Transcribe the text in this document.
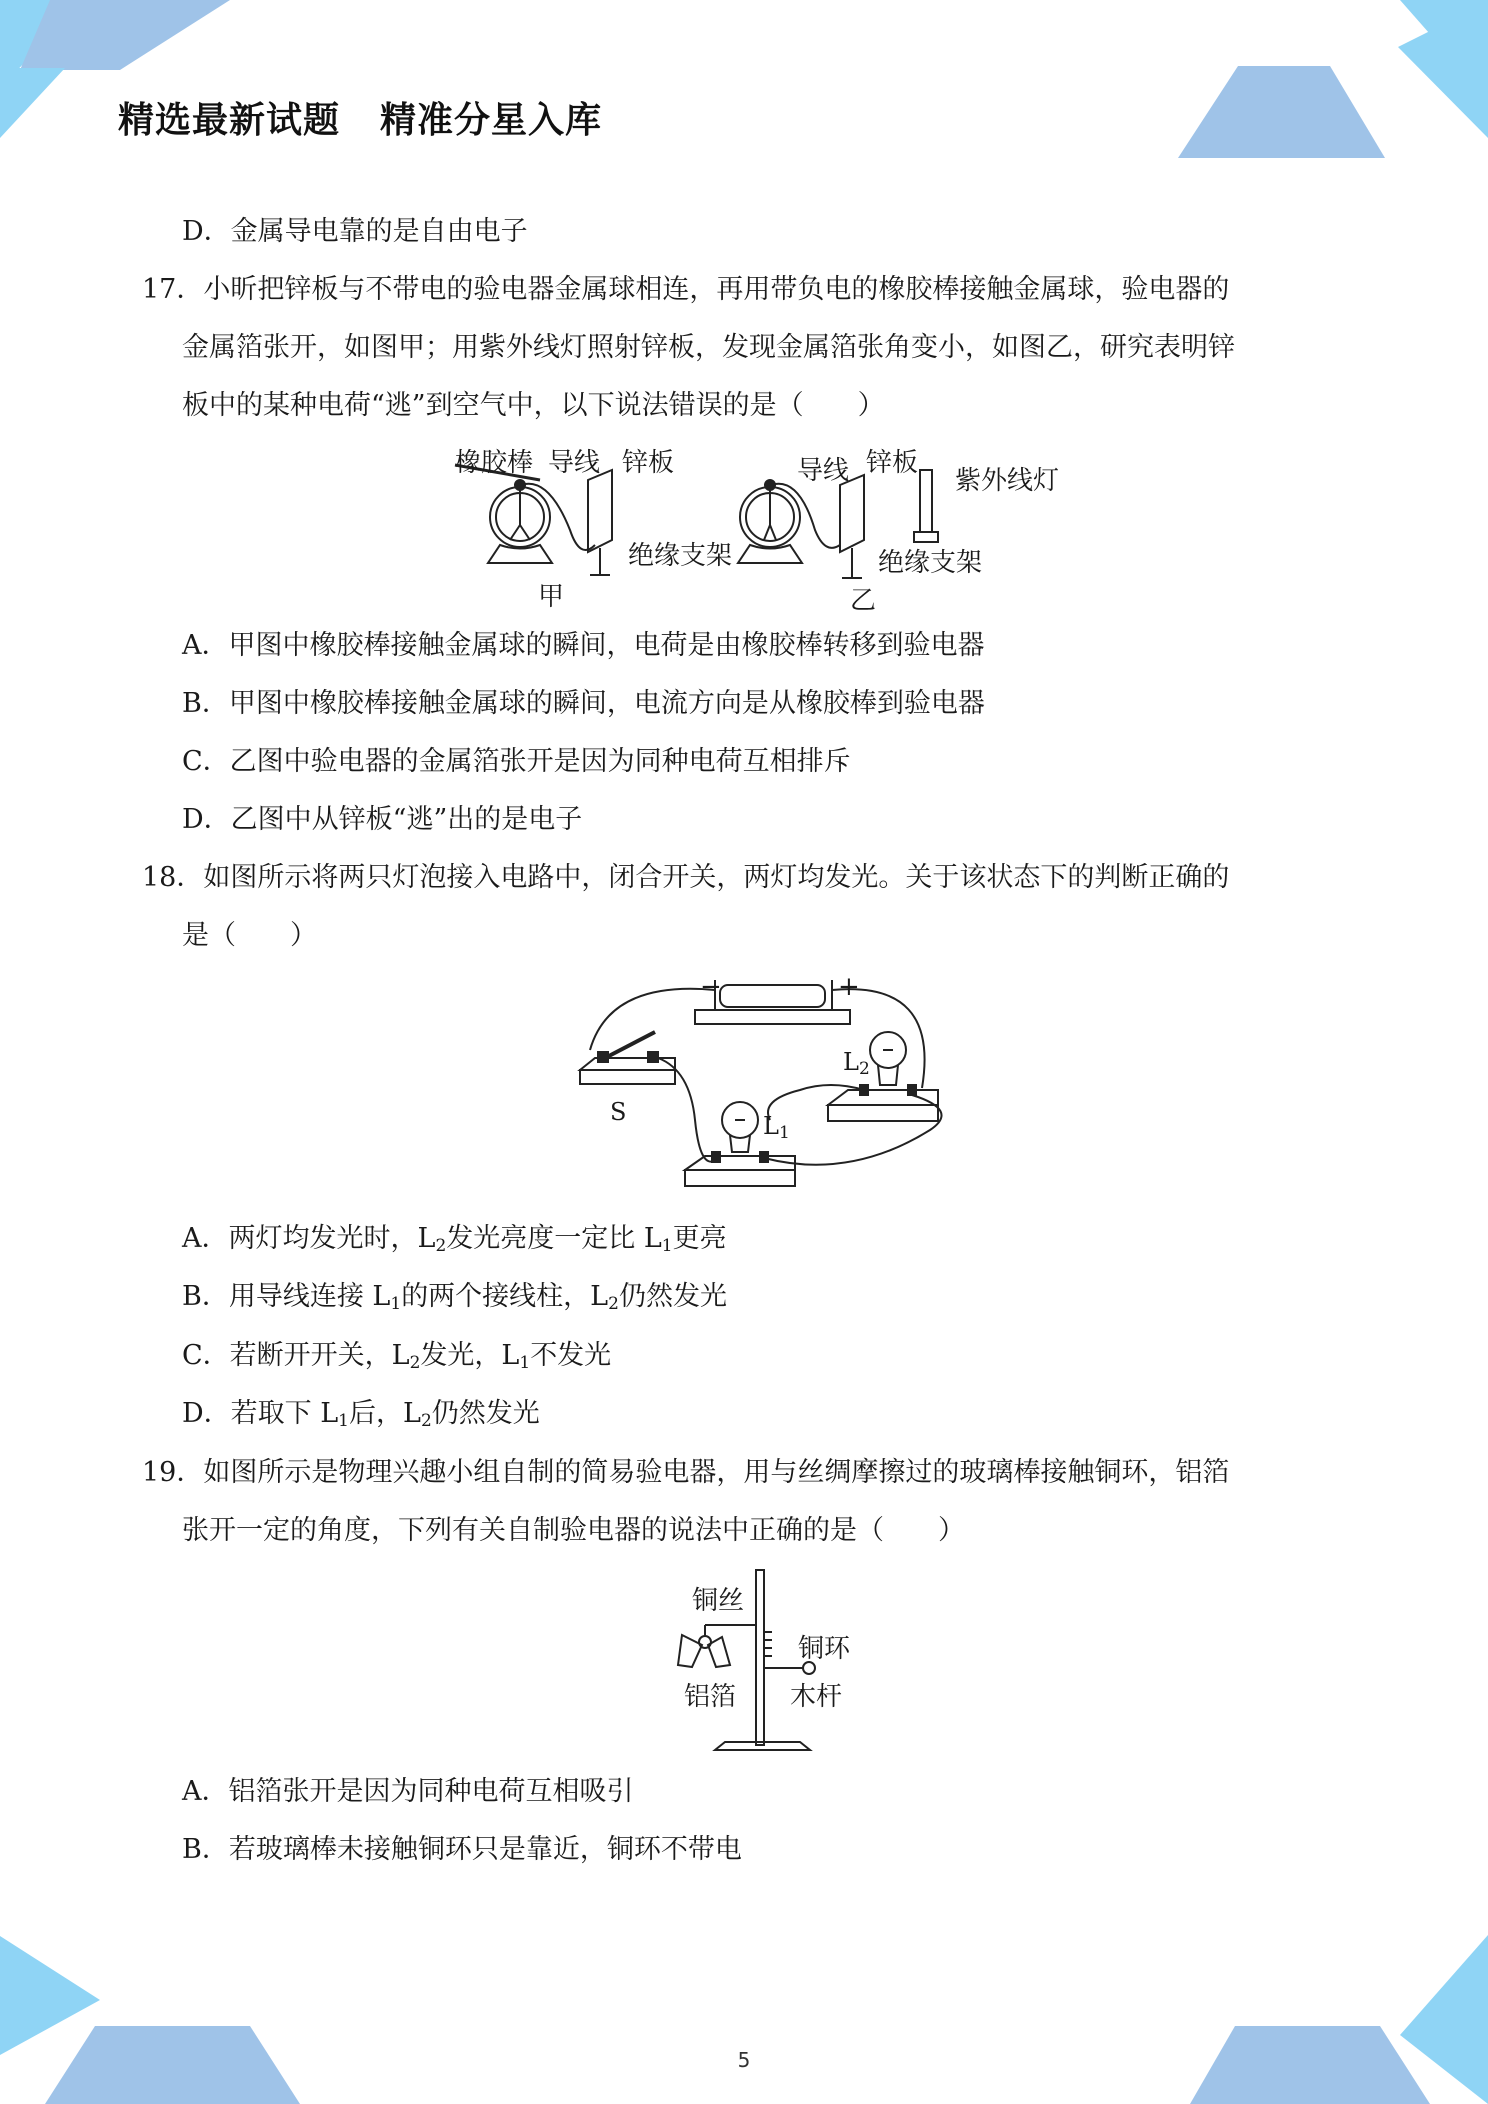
精选最新试题 精准分星入库
D．金属导电靠的是自由电子
17．小昕把锌板与不带电的验电器金属球相连，再用带负电的橡胶棒接触金属球，验电器的
金属箔张开，如图甲；用紫外线灯照射锌板，发现金属箔张角变小，如图乙，研究表明锌
板中的某种电荷“逃”到空气中，以下说法错误的是（　　）
橡胶棒 导线 锌板
绝缘支架
甲
导线 锌板
紫外线灯
绝缘支架
乙
A．甲图中橡胶棒接触金属球的瞬间，电荷是由橡胶棒转移到验电器
B．甲图中橡胶棒接触金属球的瞬间，电流方向是从橡胶棒到验电器
C．乙图中验电器的金属箔张开是因为同种电荷互相排斥
D．乙图中从锌板“逃”出的是电子
18．如图所示将两只灯泡接入电路中，闭合开关，两灯均发光。关于该状态下的判断正确的
是（　　）
−	+
S	$L_1$
$L_2$
A．两灯均发光时，$L_2$发光亮度一定比 $L_1$更亮
B．用导线连接 $L_1$的两个接线柱，$L_2$仍然发光
C．若断开开关，$L_2$发光，$L_1$不发光
D．若取下 $L_1$后，$L_2$仍然发光
19．如图所示是物理兴趣小组自制的简易验电器，用与丝绸摩擦过的玻璃棒接触铜环，铝箔
张开一定的角度，下列有关自制验电器的说法中正确的是（　　）
铜丝
铜环
铝箔 木杆
A．铝箔张开是因为同种电荷互相吸引
B．若玻璃棒未接触铜环只是靠近，铜环不带电
5
